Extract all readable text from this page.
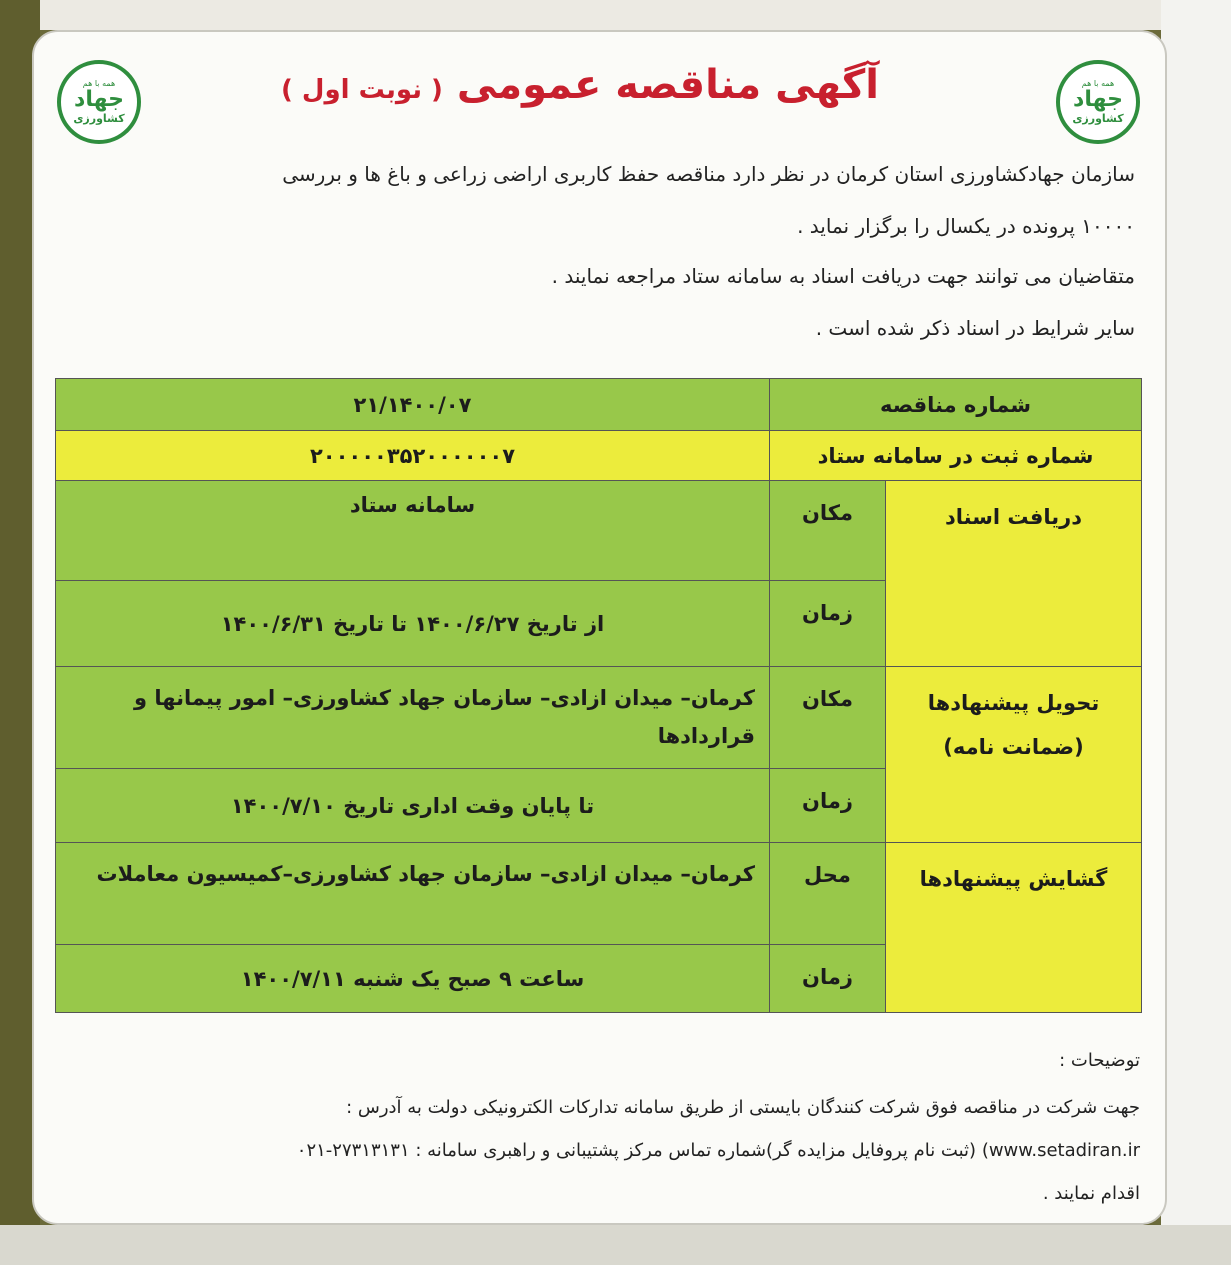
همه با هم
جهاد
کشاورزی
همه با هم
جهاد
کشاورزی
آگهی مناقصه عمومی ( نوبت اول )
سازمان جهادکشاورزی استان کرمان در نظر دارد مناقصه حفظ کاربری اراضی زراعی و باغ ها و بررسی
۱۰۰۰۰ پرونده در یکسال را برگزار نماید .
متقاضیان می توانند جهت دریافت اسناد به سامانه ستاد مراجعه نمایند .
سایر شرایط در اسناد ذکر شده است .
شماره مناقصه		۲۱/۱۴۰۰/۰۷
شماره ثبت در سامانه ستاد		۲۰۰۰۰۰۳۵۲۰۰۰۰۰۰۷
دریافت اسناد	مکان	سامانه ستاد
	زمان	از تاریخ ۱۴۰۰/۶/۲۷ تا تاریخ ۱۴۰۰/۶/۳۱

تحویل پیشنهادها
(ضمانت نامه)	مکان	کرمان– میدان ازادی– سازمان جهاد کشاورزی– امور پیمانها و قراردادها
	زمان	تا پایان وقت اداری تاریخ ۱۴۰۰/۷/۱۰
گشایش پیشنهادها	محل	کرمان– میدان ازادی– سازمان جهاد کشاورزی–کمیسیون معاملات
	زمان	ساعت ۹ صبح یک شنبه ۱۴۰۰/۷/۱۱
توضیحات :
جهت شرکت در مناقصه فوق شرکت کنندگان بایستی از طریق سامانه تدارکات الکترونیکی دولت به آدرس :
(www.setadiran.ir (ثبت نام پروفایل مزایده گر)شماره تماس مرکز پشتیبانی و راهبری سامانه : ۰۲۱-۲۷۳۱۳۱۳۱
اقدام نمایند .
